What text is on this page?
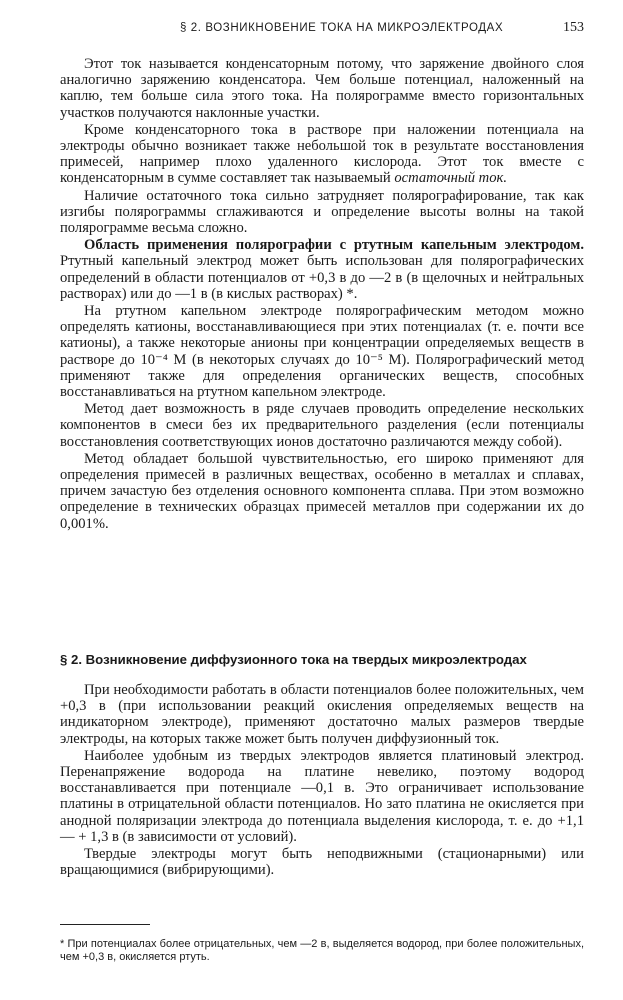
§ 2. ВОЗНИКНОВЕНИЕ ТОКА НА МИКРОЭЛЕКТРОДАХ	153

Этот ток называется конденсаторным потому, что заряжение двойного слоя аналогично заряжению конденсатора. Чем больше потенциал, наложенный на каплю, тем больше сила этого тока. На полярограмме вместо горизонтальных участков получаются наклонные участки.

Кроме конденсаторного тока в растворе при наложении потенциала на электроды обычно возникает также небольшой ток в результате восстановления примесей, например плохо удаленного кислорода. Этот ток вместе с конденсаторным в сумме составляет так называемый остаточный ток.

Наличие остаточного тока сильно затрудняет полярографирование, так как изгибы полярограммы сглаживаются и определение высоты волны на такой полярограмме весьма сложно.

Область применения полярографии с ртутным капельным электродом. Ртутный капельный электрод может быть использован для полярографических определений в области потенциалов от +0,3 в до —2 в (в щелочных и нейтральных растворах) или до —1 в (в кислых растворах) *.

На ртутном капельном электроде полярографическим методом можно определять катионы, восстанавливающиеся при этих потенциалах (т. е. почти все катионы), а также некоторые анионы при концентрации определяемых веществ в растворе до 10⁻⁴ M (в некоторых случаях до 10⁻⁵ M). Полярографический метод применяют также для определения органических веществ, способных восстанавливаться на ртутном капельном электроде.

Метод дает возможность в ряде случаев проводить определение нескольких компонентов в смеси без их предварительного разделения (если потенциалы восстановления соответствующих ионов достаточно различаются между собой).

Метод обладает большой чувствительностью, его широко применяют для определения примесей в различных веществах, особенно в металлах и сплавах, причем зачастую без отделения основного компонента сплава. При этом возможно определение в технических образцах примесей металлов при содержании их до 0,001%.

§ 2. Возникновение диффузионного тока на твердых микроэлектродах

При необходимости работать в области потенциалов более положительных, чем +0,3 в (при использовании реакций окисления определяемых веществ на индикаторном электроде), применяют достаточно малых размеров твердые электроды, на которых также может быть получен диффузионный ток.

Наиболее удобным из твердых электродов является платиновый электрод. Перенапряжение водорода на платине невелико, поэтому водород восстанавливается при потенциале —0,1 в. Это ограничивает использование платины в отрицательной области потенциалов. Но зато платина не окисляется при анодной поляризации электрода до потенциала выделения кислорода, т. е. до +1,1 — + 1,3 в (в зависимости от условий).

Твердые электроды могут быть неподвижными (стационарными) или вращающимися (вибрирующими).

* При потенциалах более отрицательных, чем —2 в, выделяется водород, при более положительных, чем +0,3 в, окисляется ртуть.
